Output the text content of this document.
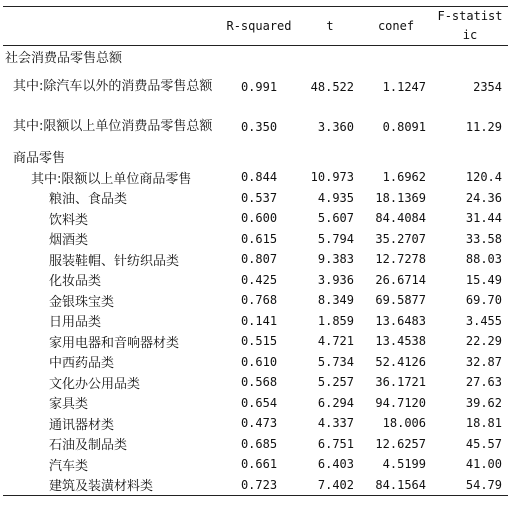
	R-squared	t	conef	F-statist
ic
社会消费品零售总额				
其中:除汽车以外的消费品零售总额	0.991	48.522	1.1247	2354
其中:限额以上单位消费品零售总额	0.350	3.360	0.8091	11.29
商品零售				
其中:限额以上单位商品零售	0.844	10.973	1.6962	120.4
粮油、食品类	0.537	4.935	18.1369	24.36
饮料类	0.600	5.607	84.4084	31.44
烟酒类	0.615	5.794	35.2707	33.58
服装鞋帽、针纺织品类	0.807	9.383	12.7278	88.03
化妆品类	0.425	3.936	26.6714	15.49
金银珠宝类	0.768	8.349	69.5877	69.70
日用品类	0.141	1.859	13.6483	3.455
家用电器和音响器材类	0.515	4.721	13.4538	22.29
中西药品类	0.610	5.734	52.4126	32.87
文化办公用品类	0.568	5.257	36.1721	27.63
家具类	0.654	6.294	94.7120	39.62
通讯器材类	0.473	4.337	18.006	18.81
石油及制品类	0.685	6.751	12.6257	45.57
汽车类	0.661	6.403	4.5199	41.00
建筑及装潢材料类	0.723	7.402	84.1564	54.79
